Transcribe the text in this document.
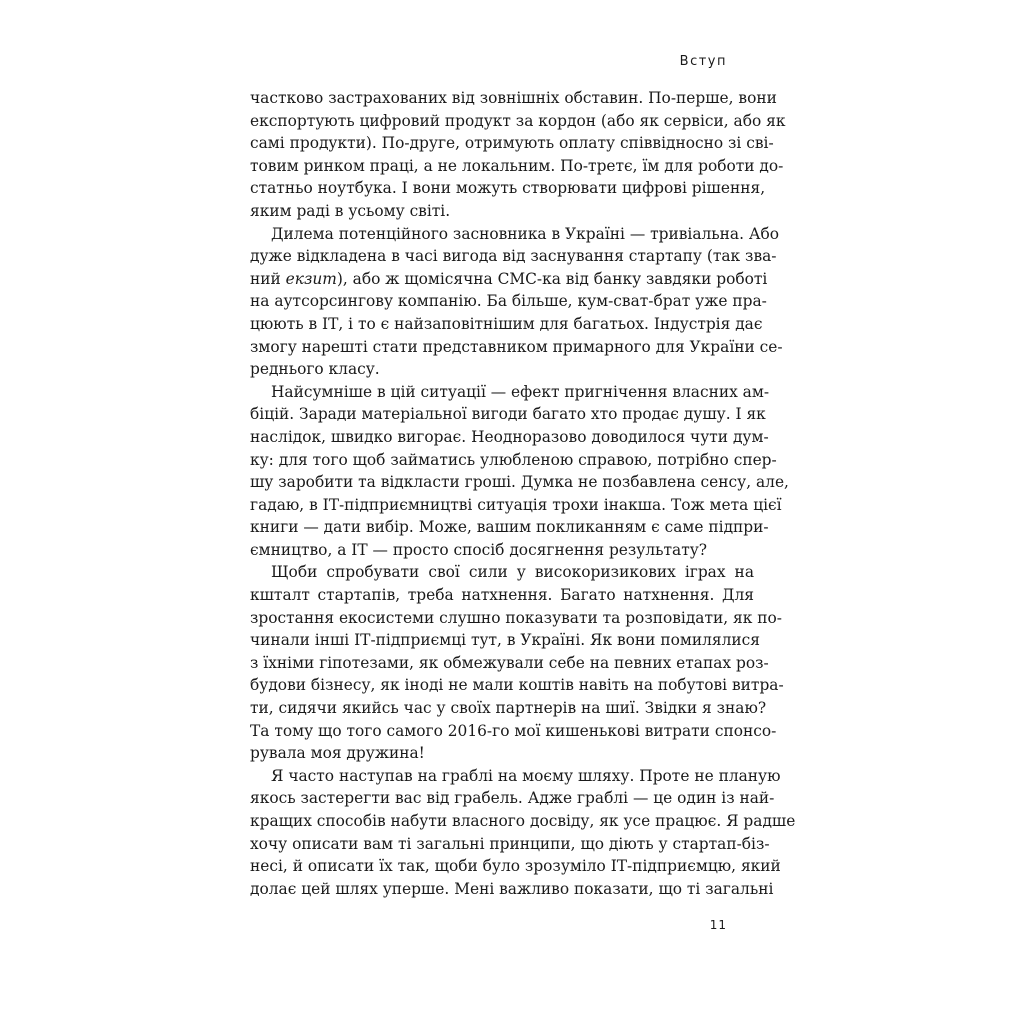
Вступ
частково застрахованих від зовнішніх обставин. По-перше, вони
експортують цифровий продукт за кордон (або як сервіси, або як
самі продукти). По-друге, отримують оплату співвідносно зі сві-
товим ринком праці, а не локальним. По-третє, їм для роботи до-
статньо ноутбука. І вони можуть створювати цифрові рішення,
яким раді в усьому світі.
Дилема потенційного засновника в Україні — тривіальна. Або
дуже відкладена в часі вигода від заснування стартапу (так зва-
ний екзит), або ж щомісячна СМС-ка від банку завдяки роботі
на аутсорсингову компанію. Ба більше, кум-сват-брат уже пра-
цюють в ІТ, і то є найзаповітнішим для багатьох. Індустрія дає
змогу нарешті стати представником примарного для України се-
реднього класу.
Найсумніше в цій ситуації — ефект пригнічення власних ам-
біцій. Заради матеріальної вигоди багато хто продає душу. І як
наслідок, швидко вигорає. Неодноразово доводилося чути дум-
ку: для того щоб займатись улюбленою справою, потрібно спер-
шу заробити та відкласти гроші. Думка не позбавлена сенсу, але,
гадаю, в ІТ-підприємництві ситуація трохи інакша. Тож мета цієї
книги — дати вибір. Може, вашим покликанням є саме підпри-
ємництво, а ІТ — просто спосіб досягнення результату?
Щоби спробувати свої сили у високоризикових іграх на
кшталт стартапів, треба натхнення. Багато натхнення. Для
зростання екосистеми слушно показувати та розповідати, як по-
чинали інші ІТ-підприємці тут, в Україні. Як вони помилялися
з їхніми гіпотезами, як обмежували себе на певних етапах роз-
будови бізнесу, як іноді не мали коштів навіть на побутові витра-
ти, сидячи якийсь час у своїх партнерів на шиї. Звідки я знаю?
Та тому що того самого 2016-го мої кишенькові витрати спонсо-
рувала моя дружина!
Я часто наступав на граблі на моєму шляху. Проте не планую
якось застерегти вас від грабель. Адже граблі — це один із най-
кращих способів набути власного досвіду, як усе працює. Я радше
хочу описати вам ті загальні принципи, що діють у стартап-біз-
несі, й описати їх так, щоби було зрозуміло ІТ-підприємцю, який
долає цей шлях уперше. Мені важливо показати, що ті загальні
11
